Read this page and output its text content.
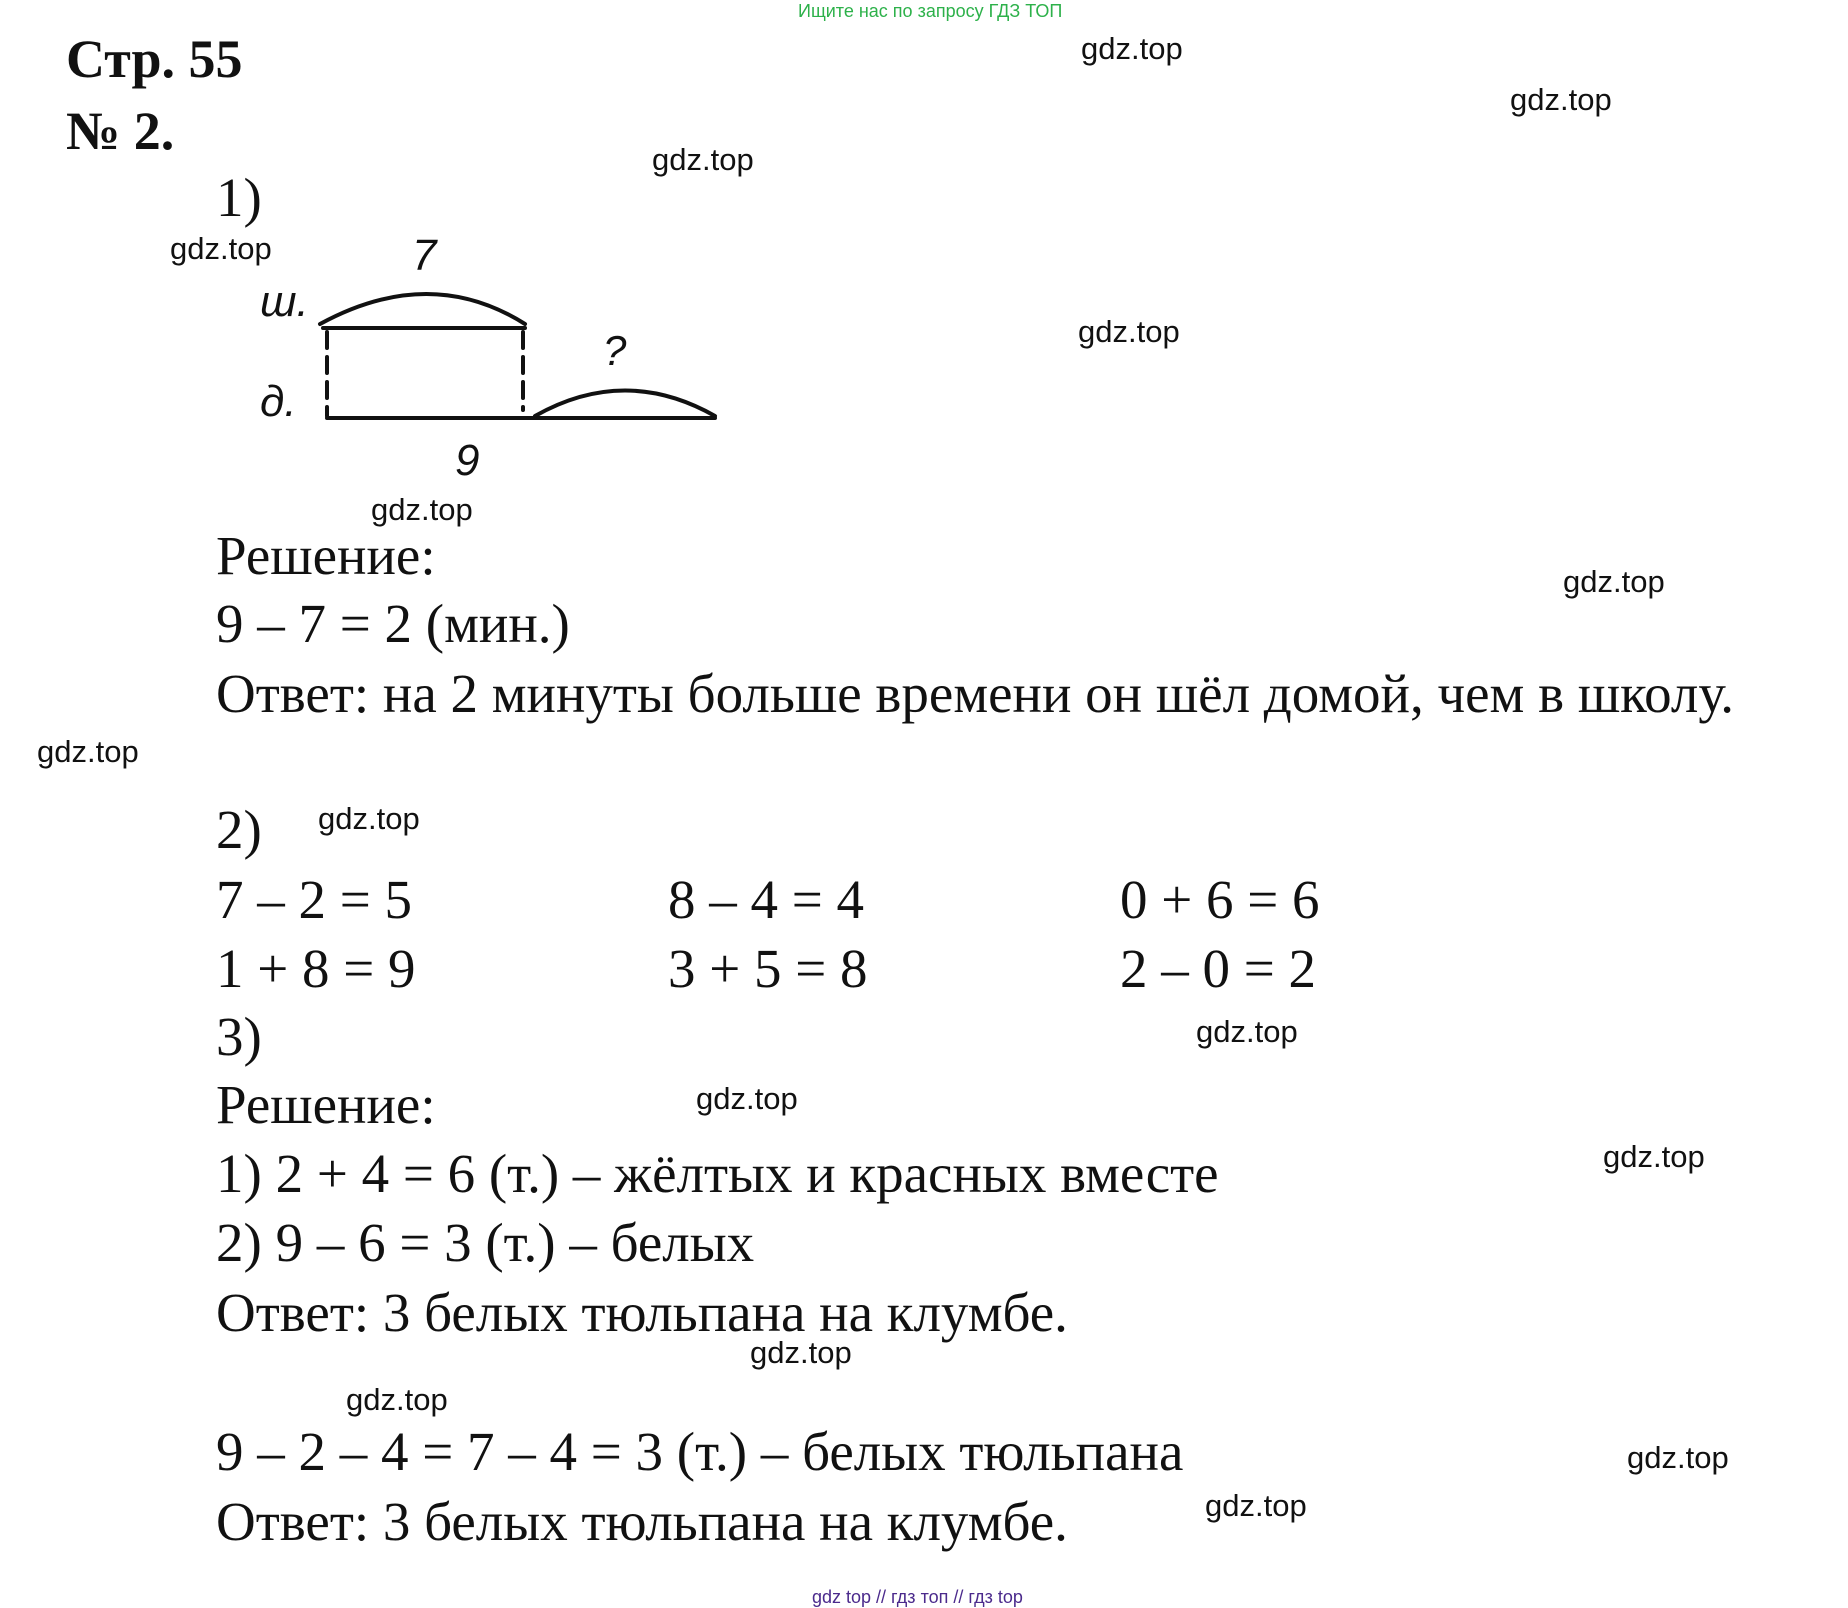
Ищите нас по запросу ГДЗ ТОП
Стр. 55
№ 2.
1)
ш.
д.
7
9
?
Решение:
9 – 7 = 2 (мин.)
Ответ: на 2 минуты больше времени он шёл домой, чем в школу.
2)
7 – 2 = 5	8 – 4 = 4	0 + 6 = 6
1 + 8 = 9	3 + 5 = 8	2 – 0 = 2
3)
Решение:
1) 2 + 4 = 6 (т.) – жёлтых и красных вместе
2) 9 – 6 = 3 (т.) – белых
Ответ: 3 белых тюльпана на клумбе.
9 – 2 – 4 = 7 – 4 = 3 (т.) – белых тюльпана
Ответ: 3 белых тюльпана на клумбе.
gdz.top
gdz.top
gdz.top
gdz.top
gdz.top
gdz.top
gdz.top
gdz.top
gdz.top
gdz.top
gdz.top
gdz.top
gdz.top
gdz.top
gdz.top
gdz.top
gdz top // гдз топ // гдз top
